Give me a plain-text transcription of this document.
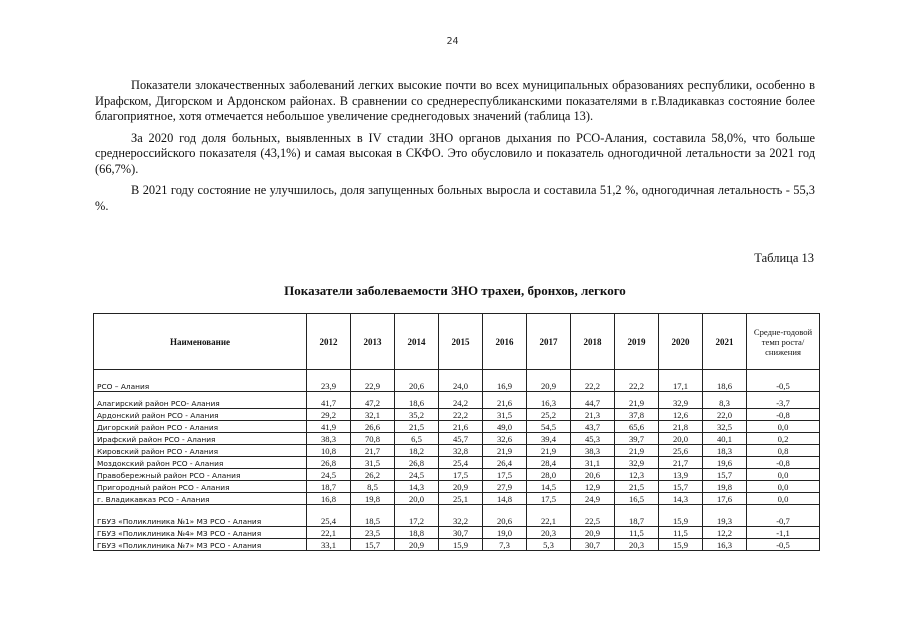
24

Показатели злокачественных заболеваний легких высокие почти во всех муниципальных образованиях республики, особенно в Ирафском, Дигорском и Ардонском районах. В сравнении со среднереспубликанскими показателями в г.Владикавказ состояние более благоприятное, хотя отмечается небольшое увеличение среднегодовых значений (таблица 13).

За 2020 год доля больных, выявленных в IV стадии ЗНО органов дыхания по РСО-Алания, составила 58,0%, что больше среднероссийского показателя (43,1%) и самая высокая в СКФО. Это обусловило и показатель одногодичной летальности за 2021 год (66,7%).

В 2021 году состояние не улучшилось, доля запущенных больных выросла и составила 51,2 %, одногодичная летальность - 55,3 %.

Таблица 13
Показатели заболеваемости ЗНО трахеи, бронхов, легкого
Наименование	2012	2013	2014	2015	2016	2017	2018	2019	2020	2021	Средне-годовой темп роста/ снижения
РСО – Алания	23,9	22,9	20,6	24,0	16,9	20,9	22,2	22,2	17,1	18,6	-0,5
Алагирский район РСО- Алания	41,7	47,2	18,6	24,2	21,6	16,3	44,7	21,9	32,9	8,3	-3,7
Ардонский район РСО - Алания	29,2	32,1	35,2	22,2	31,5	25,2	21,3	37,8	12,6	22,0	-0,8
Дигорский район РСО - Алания	41,9	26,6	21,5	21,6	49,0	54,5	43,7	65,6	21,8	32,5	0,0
Ирафский район РСО - Алания	38,3	70,8	6,5	45,7	32,6	39,4	45,3	39,7	20,0	40,1	0,2
Кировский район РСО - Алания	10,8	21,7	18,2	32,8	21,9	21,9	38,3	21,9	25,6	18,3	0,8
Моздокский район РСО - Алания	26,8	31,5	26,8	25,4	26,4	28,4	31,1	32,9	21,7	19,6	-0,8
Правобережный район РСО - Алания	24,5	26,2	24,5	17,5	17,5	28,0	20,6	12,3	13,9	15,7	0,0
Пригородный район РСО - Алания	18,7	8,5	14,3	20,9	27,9	14,5	12,9	21,5	15,7	19,8	0,0
г. Владикавказ РСО - Алания	16,8	19,8	20,0	25,1	14,8	17,5	24,9	16,5	14,3	17,6	0,0
ГБУЗ «Поликлиника №1» МЗ РСО - Алания	25,4	18,5	17,2	32,2	20,6	22,1	22,5	18,7	15,9	19,3	-0,7
ГБУЗ «Поликлиника №4» МЗ РСО - Алания	22,1	23,5	18,8	30,7	19,0	20,3	20,9	11,5	11,5	12,2	-1,1
ГБУЗ «Поликлиника №7» МЗ РСО - Алания	33,1	15,7	20,9	15,9	7,3	5,3	30,7	20,3	15,9	16,3	-0,5
